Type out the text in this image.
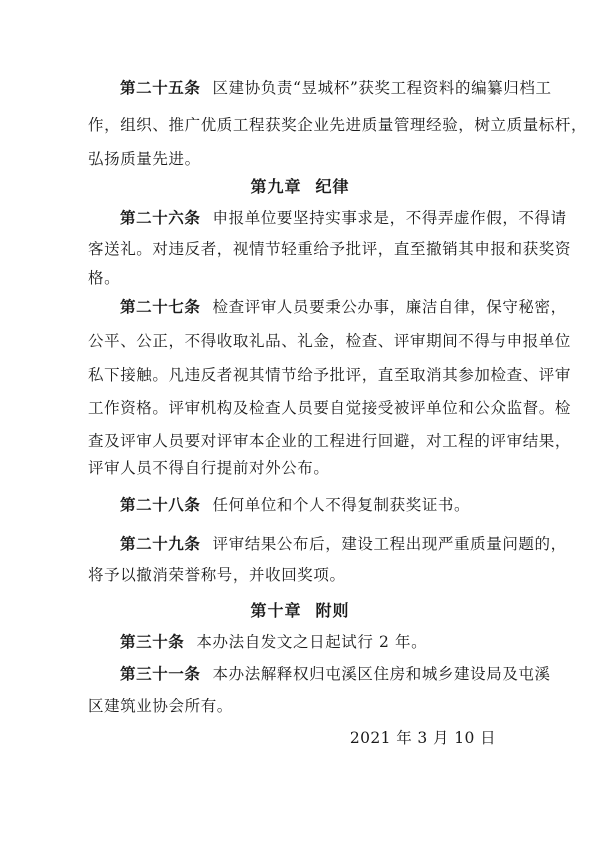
第二十五条 区建协负责“昱城杯”获奖工程资料的编纂归档工
作，组织、推广优质工程获奖企业先进质量管理经验，树立质量标杆，
弘扬质量先进。
第九章 纪律
第二十六条 申报单位要坚持实事求是，不得弄虚作假，不得请
客送礼。对违反者，视情节轻重给予批评，直至撤销其申报和获奖资
格。
第二十七条 检查评审人员要秉公办事，廉洁自律，保守秘密，
公平、公正，不得收取礼品、礼金，检查、评审期间不得与申报单位
私下接触。凡违反者视其情节给予批评，直至取消其参加检查、评审
工作资格。评审机构及检查人员要自觉接受被评单位和公众监督。检
查及评审人员要对评审本企业的工程进行回避，对工程的评审结果，
评审人员不得自行提前对外公布。
第二十八条 任何单位和个人不得复制获奖证书。
第二十九条 评审结果公布后，建设工程出现严重质量问题的，
将予以撤消荣誉称号，并收回奖项。
第十章 附则
第三十条 本办法自发文之日起试行 2 年。
第三十一条 本办法解释权归屯溪区住房和城乡建设局及屯溪
区建筑业协会所有。
2021 年 3 月 10 日
